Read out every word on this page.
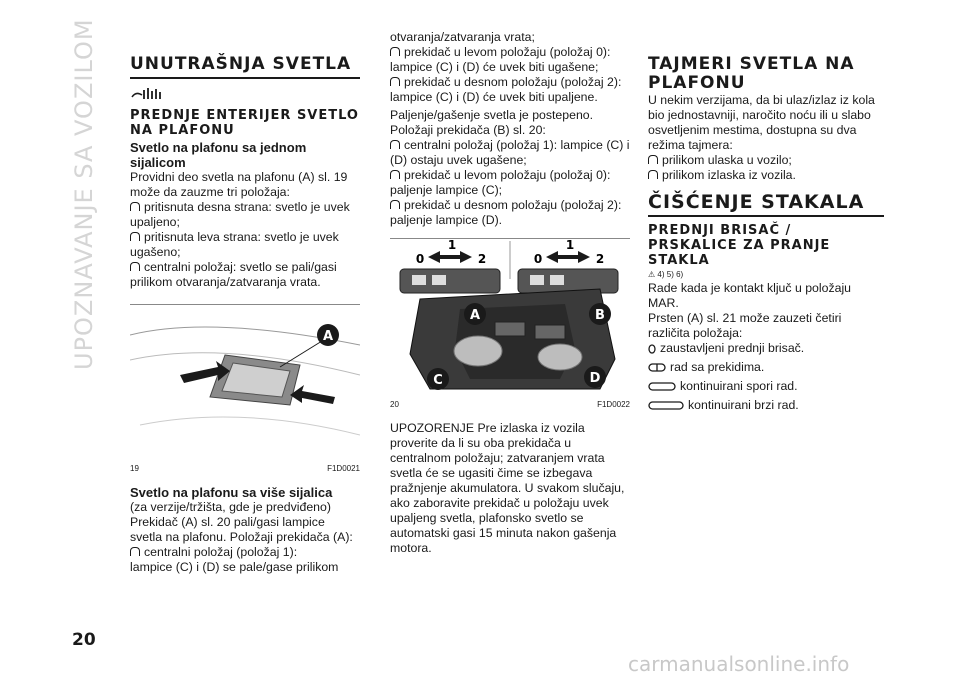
UPOZNAVANJE SA VOZILOM
20
carmanualsonline.info
UNUTRAŠNJA SVETLA
PREDNJE ENTERIJER SVETLO NA PLAFONU
Svetlo na plafonu sa jednom sijalicom

Providni deo svetla na plafonu (A) sl. 19 može da zauzme tri položaja:

pritisnuta desna strana: svetlo je uvek upaljeno;
pritisnuta leva strana: svetlo je uvek ugašeno;
centralni položaj: svetlo se pali/gasi prilikom otvaranja/zatvaranja vrata.
A
19	F1D0021
Svetlo na plafonu sa više sijalica

(za verzije/tržišta, gde je predviđeno)

Prekidač (A) sl. 20 pali/gasi lampice svetla na plafonu. Položaji prekidača (A):

centralni položaj (položaj 1):

lampice (C) i (D) se pale/gase prilikom

otvaranja/zatvaranja vrata;

prekidač u levom položaju (položaj 0): lampice (C) i (D) će uvek biti ugašene;
prekidač u desnom položaju (položaj 2): lampice (C) i (D) će uvek biti upaljene.

Paljenje/gašenje svetla je postepeno. Položaji prekidača (B) sl. 20:

centralni položaj (položaj 1): lampice (C) i (D) ostaju uvek ugašene;
prekidač u levom položaju (položaj 0): paljenje lampice (C);
prekidač u desnom položaju (položaj 2): paljenje lampice (D).
0
1
2	0
1
2
A	B
C	D
20	F1D0022

UPOZORENJE Pre izlaska iz vozila proverite da li su oba prekidača u centralnom položaju; zatvaranjem vrata svetla će se ugasiti čime se izbegava pražnjenje akumulatora. U svakom slučaju, ako zaboravite prekidač u položaju uvek upaljeng svetla, plafonsko svetlo se automatski gasi 15 minuta nakon gašenja motora.

TAJMERI SVETLA NA PLAFONU

U nekim verzijama, da bi ulaz/izlaz iz kola bio jednostavniji, naročito noću ili u slabo osvetljenim mestima, dostupna su dva režima tajmera:

prilikom ulaska u vozilo;
prilikom izlaska iz vozila.
ČIŠĆENJE STAKALA
PREDNJI BRISAČ / PRSKALICE ZA PRANJE STAKLA
⚠ 4) 5) 6)

Rade kada je kontakt ključ u položaju MAR.

Prsten (A) sl. 21 može zauzeti četiri različita položaja:

zaustavljeni prednji brisač.
rad sa prekidima.
kontinuirani spori rad.
kontinuirani brzi rad.
